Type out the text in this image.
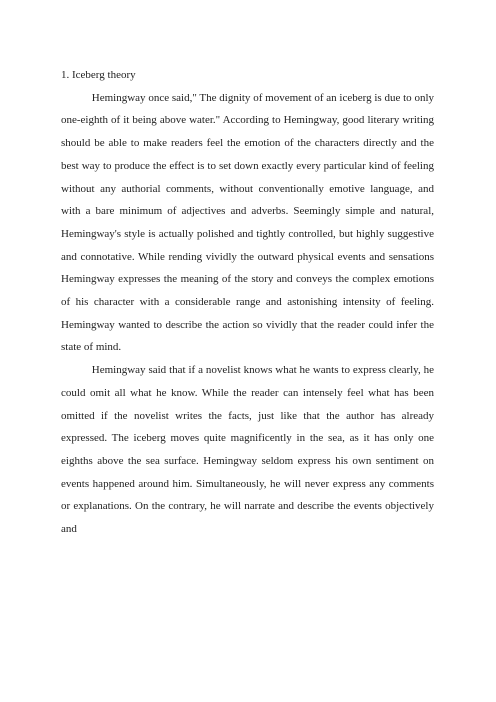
1. Iceberg theory

Hemingway once said," The dignity of movement of an iceberg is due to only one-eighth of it being above water." According to Hemingway, good literary writing should be able to make readers feel the emotion of the characters directly and the best way to produce the effect is to set down exactly every particular kind of feeling without any authorial comments, without conventionally emotive language, and with a bare minimum of adjectives and adverbs. Seemingly simple and natural, Hemingway's style is actually polished and tightly controlled, but highly suggestive and connotative. While rending vividly the outward physical events and sensations Hemingway expresses the meaning of the story and conveys the complex emotions of his character with a considerable range and astonishing intensity of feeling. Hemingway wanted to describe the action so vividly that the reader could infer the state of mind.

Hemingway said that if a novelist knows what he wants to express clearly, he could omit all what he know. While the reader can intensely feel what has been omitted if the novelist writes the facts, just like that the author has already expressed. The iceberg moves quite magnificently in the sea, as it has only one eighths above the sea surface. Hemingway seldom express his own sentiment on events happened around him. Simultaneously, he will never express any comments or explanations. On the contrary, he will narrate and describe the events objectively and
